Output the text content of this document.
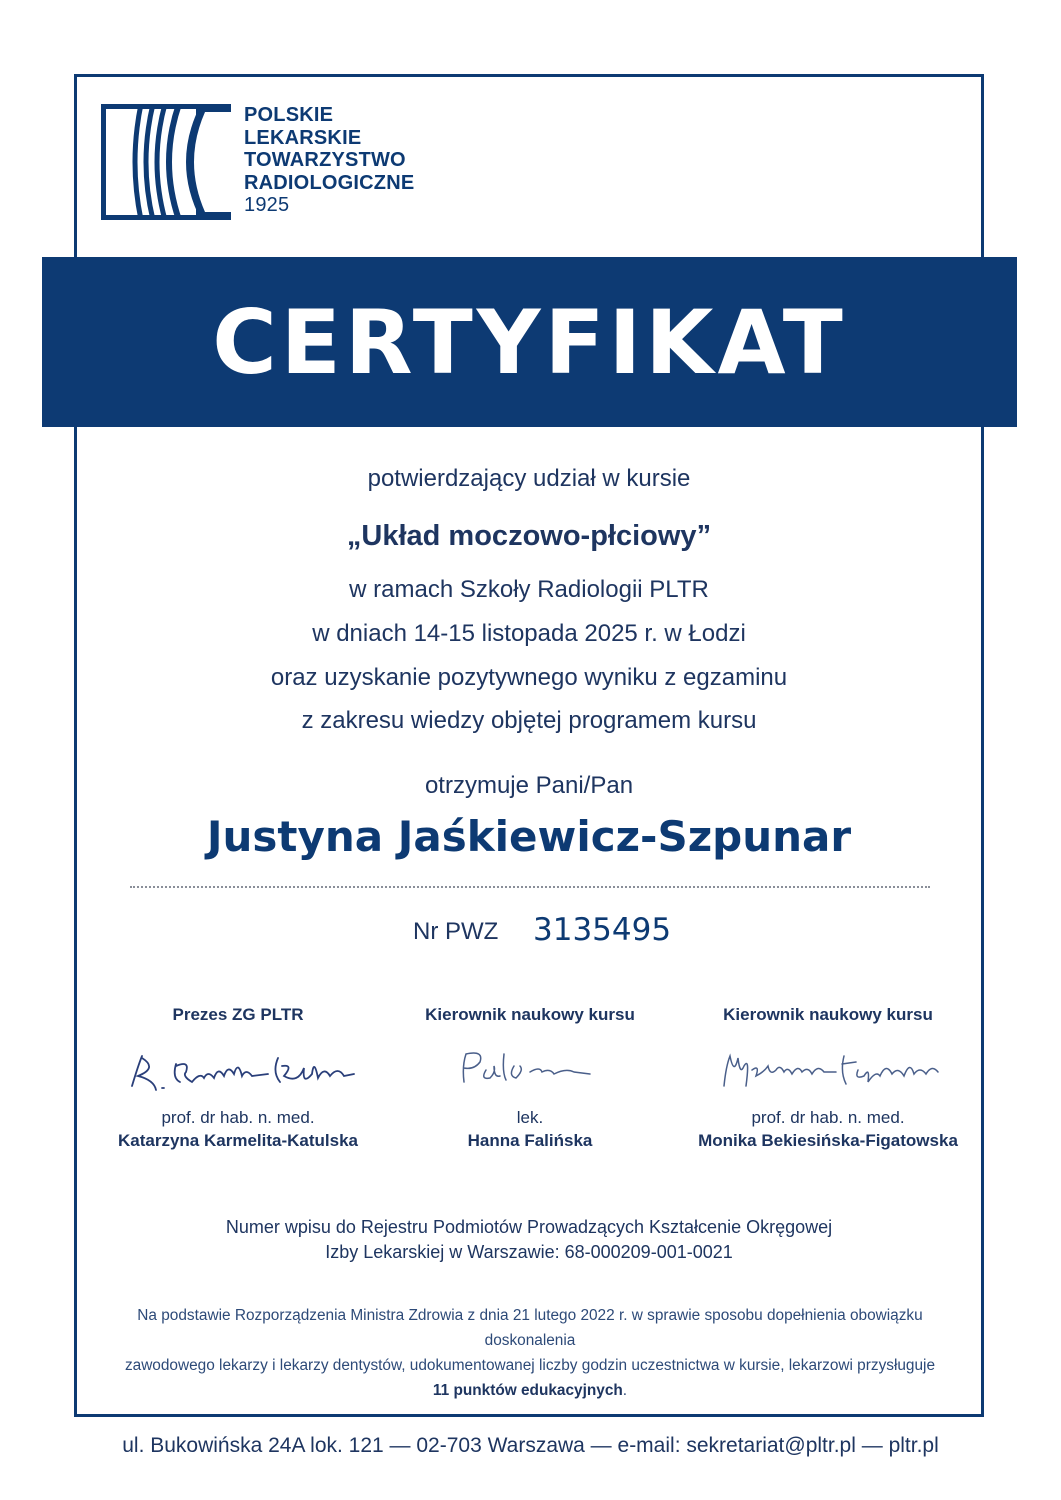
POLSKIE
LEKARSKIE
TOWARZYSTWO
RADIOLOGICZNE
1925
CERTYFIKAT
potwierdzający udział w kursie
„Układ moczowo-płciowy”
w ramach Szkoły Radiologii PLTR
w dniach 14-15 listopada 2025 r. w Łodzi
oraz uzyskanie pozytywnego wyniku z egzaminu
z zakresu wiedzy objętej programem kursu
otrzymuje Pani/Pan
Justyna Jaśkiewicz-Szpunar
Nr PWZ 3135495
Prezes ZG PLTR
prof. dr hab. n. med.
Katarzyna Karmelita-Katulska
Kierownik naukowy kursu
lek.
Hanna Falińska
Kierownik naukowy kursu
prof. dr hab. n. med.
Monika Bekiesińska-Figatowska
Numer wpisu do Rejestru Podmiotów Prowadzących Kształcenie Okręgowej
Izby Lekarskiej w Warszawie: 68-000209-001-0021
Na podstawie Rozporządzenia Ministra Zdrowia z dnia 21 lutego 2022 r. w sprawie sposobu dopełnienia obowiązku doskonalenia
zawodowego lekarzy i lekarzy dentystów, udokumentowanej liczby godzin uczestnictwa w kursie, lekarzowi przysługuje
11 punktów edukacyjnych.
ul. Bukowińska 24A lok. 121 — 02-703 Warszawa — e-mail: sekretariat@pltr.pl — pltr.pl
